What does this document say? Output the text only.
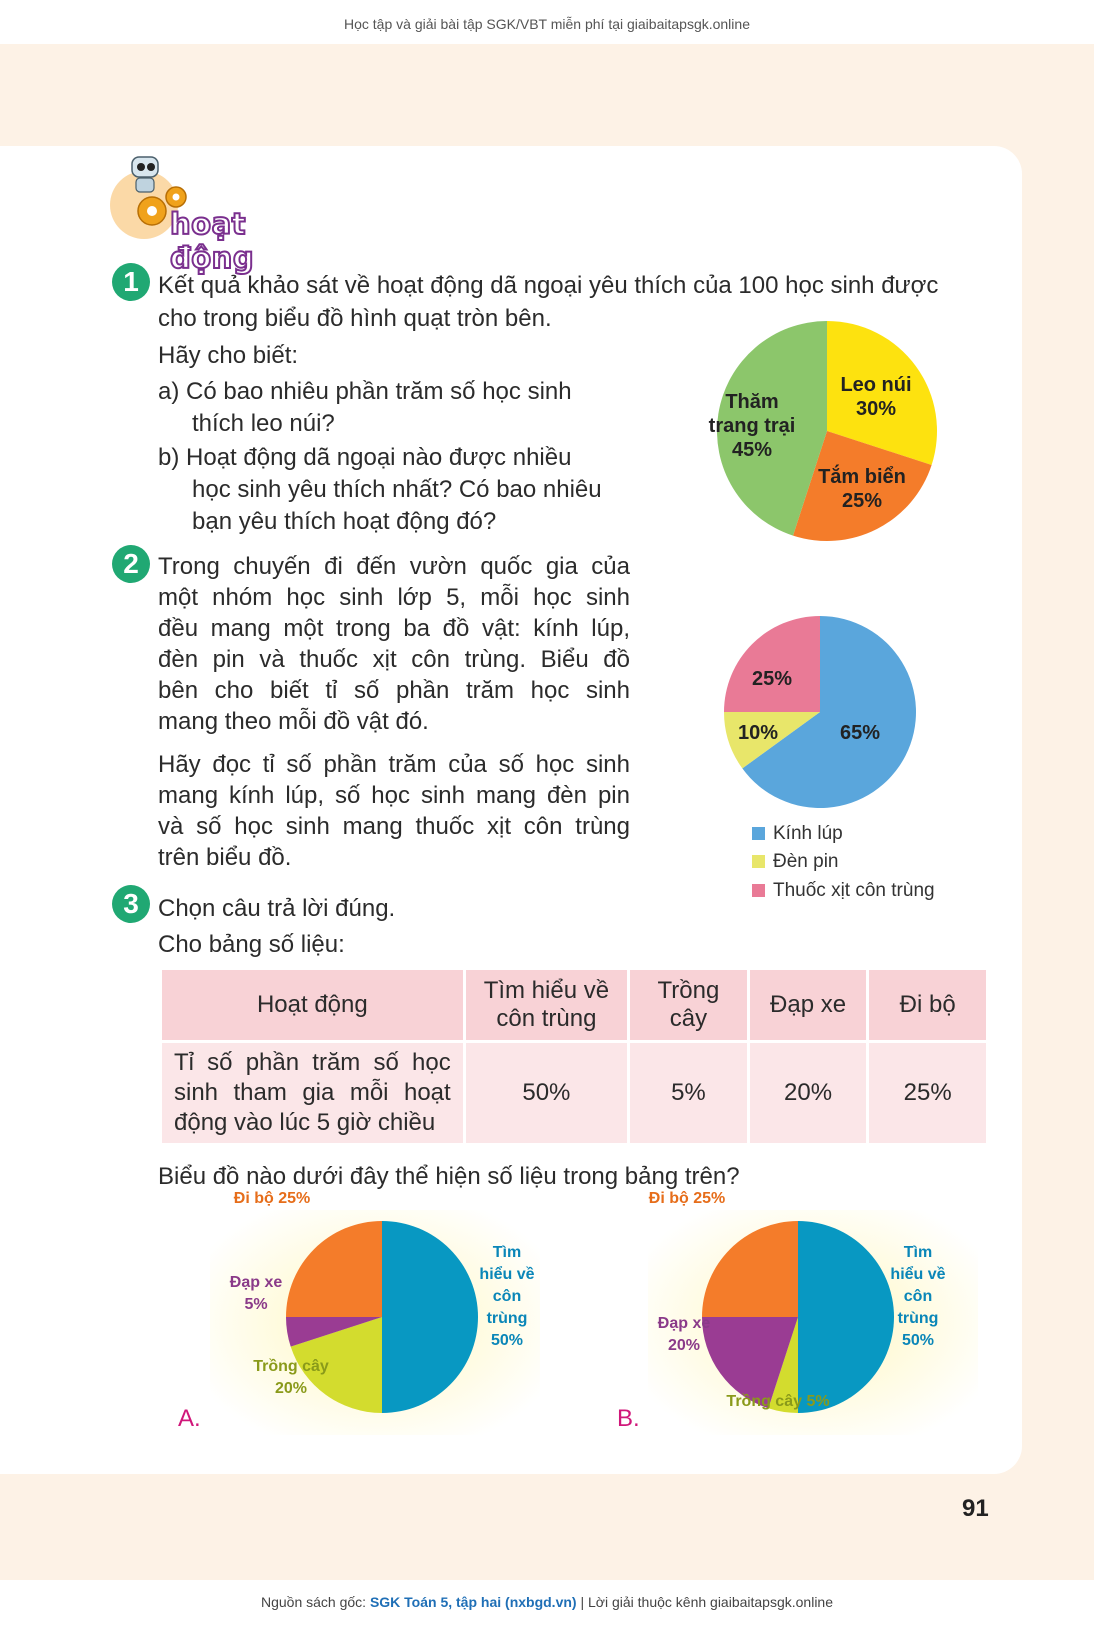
Học tập và giải bài tập SGK/VBT miễn phí tại giaibaitapsgk.online
hoạt động
1 Kết quả khảo sát về hoạt động dã ngoại yêu thích của 100 học sinh được
cho trong biểu đồ hình quạt tròn bên.
Hãy cho biết:
a) Có bao nhiêu phần trăm số học sinh
thích leo núi?
b) Hoạt động dã ngoại nào được nhiều
học sinh yêu thích nhất? Có bao nhiêu
bạn yêu thích hoạt động đó?
Leo núi 30%
Tắm biển 25%
Thăm trang trại 45%
2 Trong chuyến đi đến vườn quốc gia của
một nhóm học sinh lớp 5, mỗi học sinh
đều mang một trong ba đồ vật: kính lúp,
đèn pin và thuốc xịt côn trùng. Biểu đồ
bên cho biết tỉ số phần trăm học sinh
mang theo mỗi đồ vật đó.
Hãy đọc tỉ số phần trăm của số học sinh
mang kính lúp, số học sinh mang đèn pin
và số học sinh mang thuốc xịt côn trùng
trên biểu đồ.
65%
10%
25%
Kính lúp
Đèn pin
Thuốc xịt côn trùng
3 Chọn câu trả lời đúng.
Cho bảng số liệu:
Hoạt động	Tìm hiểu về
côn trùng	Trồng
cây	Đạp xe	Đi bộ

Tỉ số phần trăm số học
sinh tham gia mỗi hoạt
động vào lúc 5 giờ chiều	50%	5%	20%	25%
Biểu đồ nào dưới đây thể hiện số liệu trong bảng trên?
Tìm hiểu về côn trùng 50%
Trồng cây 20%
Đạp xe 5%
Đi bộ 25%
A.
Tìm hiểu về côn trùng 50%
Trồng cây 5%
Đạp xe 20%
Đi bộ 25%
B.
91
Nguồn sách gốc: SGK Toán 5, tập hai (nxbgd.vn) | Lời giải thuộc kênh giaibaitapsgk.online
